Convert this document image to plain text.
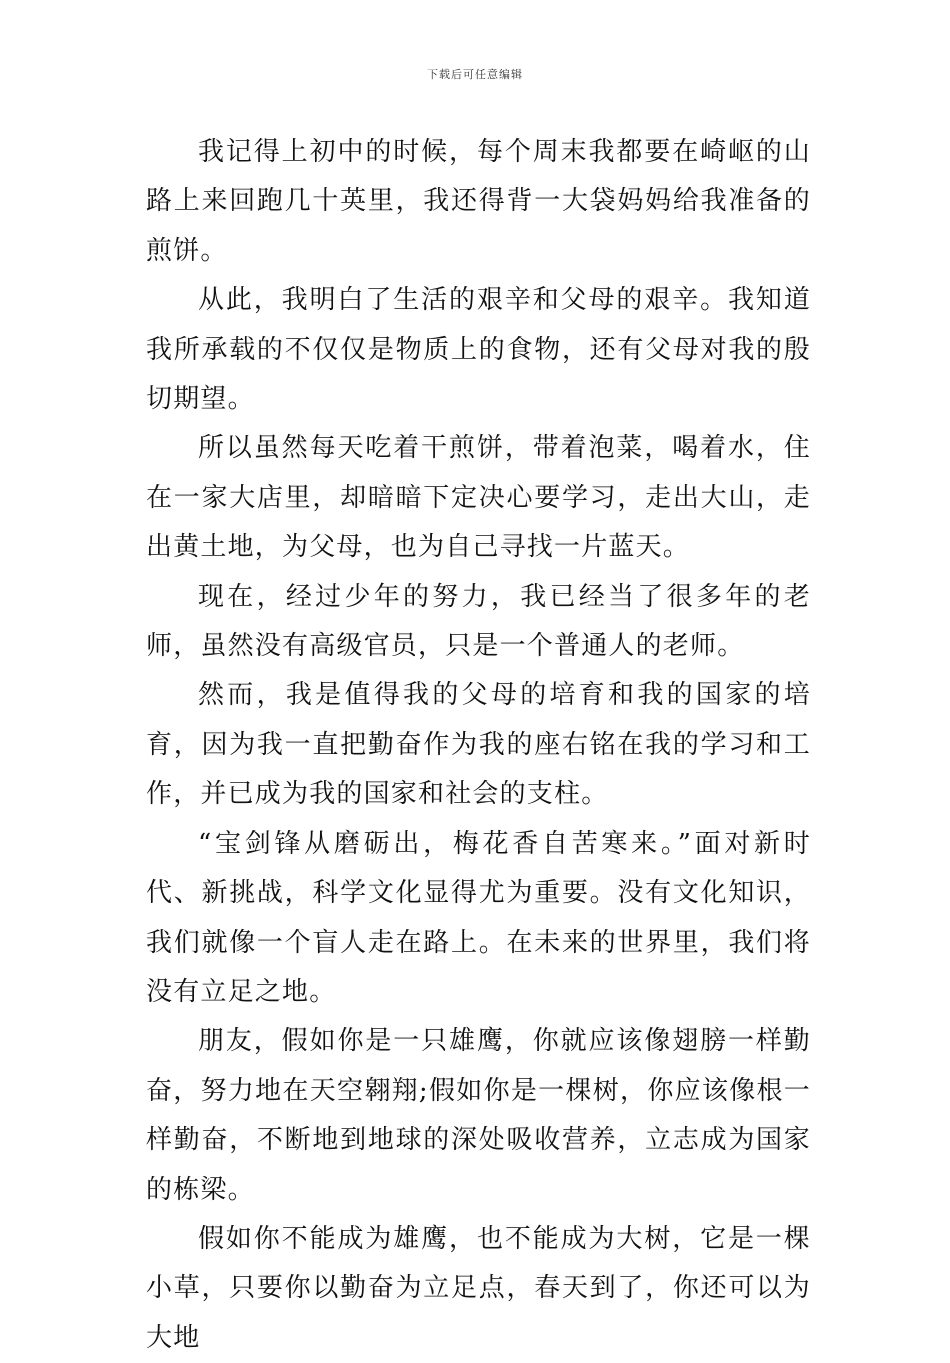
下载后可任意编辑

我记得上初中的时候，每个周末我都要在崎岖的山路上来回跑几十英里，我还得背一大袋妈妈给我准备的煎饼。

从此，我明白了生活的艰辛和父母的艰辛。我知道我所承载的不仅仅是物质上的食物，还有父母对我的殷切期望。

所以虽然每天吃着干煎饼，带着泡菜，喝着水，住在一家大店里，却暗暗下定决心要学习，走出大山，走出黄土地，为父母，也为自己寻找一片蓝天。

现在，经过少年的努力，我已经当了很多年的老师，虽然没有高级官员，只是一个普通人的老师。

然而，我是值得我的父母的培育和我的国家的培育，因为我一直把勤奋作为我的座右铭在我的学习和工作，并已成为我的国家和社会的支柱。

“宝剑锋从磨砺出，梅花香自苦寒来。”面对新时代、新挑战，科学文化显得尤为重要。没有文化知识，我们就像一个盲人走在路上。在未来的世界里，我们将没有立足之地。

朋友，假如你是一只雄鹰，你就应该像翅膀一样勤奋，努力地在天空翱翔;假如你是一棵树，你应该像根一样勤奋，不断地到地球的深处吸收营养，立志成为国家的栋梁。

假如你不能成为雄鹰，也不能成为大树，它是一棵小草，只要你以勤奋为立足点，春天到了，你还可以为大地
